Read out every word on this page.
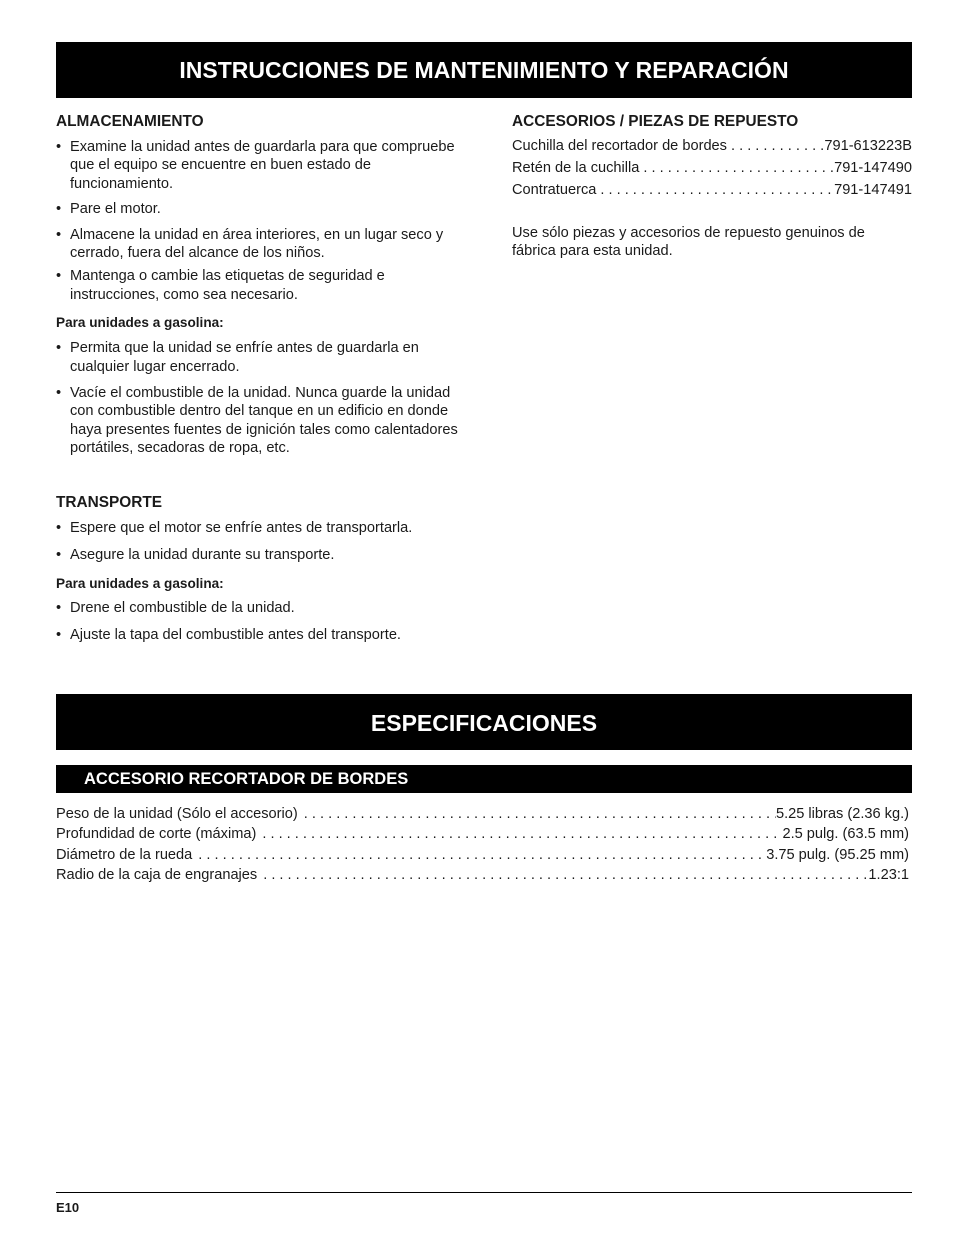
INSTRUCCIONES DE MANTENIMIENTO Y REPARACIÓN
ALMACENAMIENTO
• Examine la unidad antes de guardarla para que compruebe que el equipo se encuentre en buen estado de funcionamiento.
• Pare el motor.
• Almacene la unidad en área interiores, en un lugar seco y cerrado, fuera del alcance de los niños.
• Mantenga o cambie las etiquetas de seguridad e instrucciones, como sea necesario.
Para unidades a gasolina:
• Permita que la unidad se enfríe antes de guardarla en cualquier lugar encerrado.
• Vacíe el combustible de la unidad. Nunca guarde la unidad con combustible dentro del tanque en un edificio en donde haya presentes fuentes de ignición tales como calentadores portátiles, secadoras de ropa, etc.
TRANSPORTE
• Espere que el motor se enfríe antes de transportarla.
• Asegure la unidad durante su transporte.
Para unidades a gasolina:
• Drene el combustible de la unidad.
• Ajuste la tapa del combustible antes del transporte.
ACCESORIOS / PIEZAS DE REPUESTO
Cuchilla del recortador de bordes . . .	791-613223B
Retén de la cuchilla . . .	791-147490
Contratuerca . . .	791-147491

Use sólo piezas y accesorios de repuesto genuinos de fábrica para esta unidad.

ESPECIFICACIONES
ACCESORIO RECORTADOR DE BORDES
Peso de la unidad (Sólo el accesorio) . . .	5.25 libras (2.36 kg.)
Profundidad de corte (máxima) . . .	2.5 pulg. (63.5 mm)
Diámetro de la rueda . . .	3.75 pulg. (95.25 mm)
Radio de la caja de engranajes . . .	1.23:1
E10
